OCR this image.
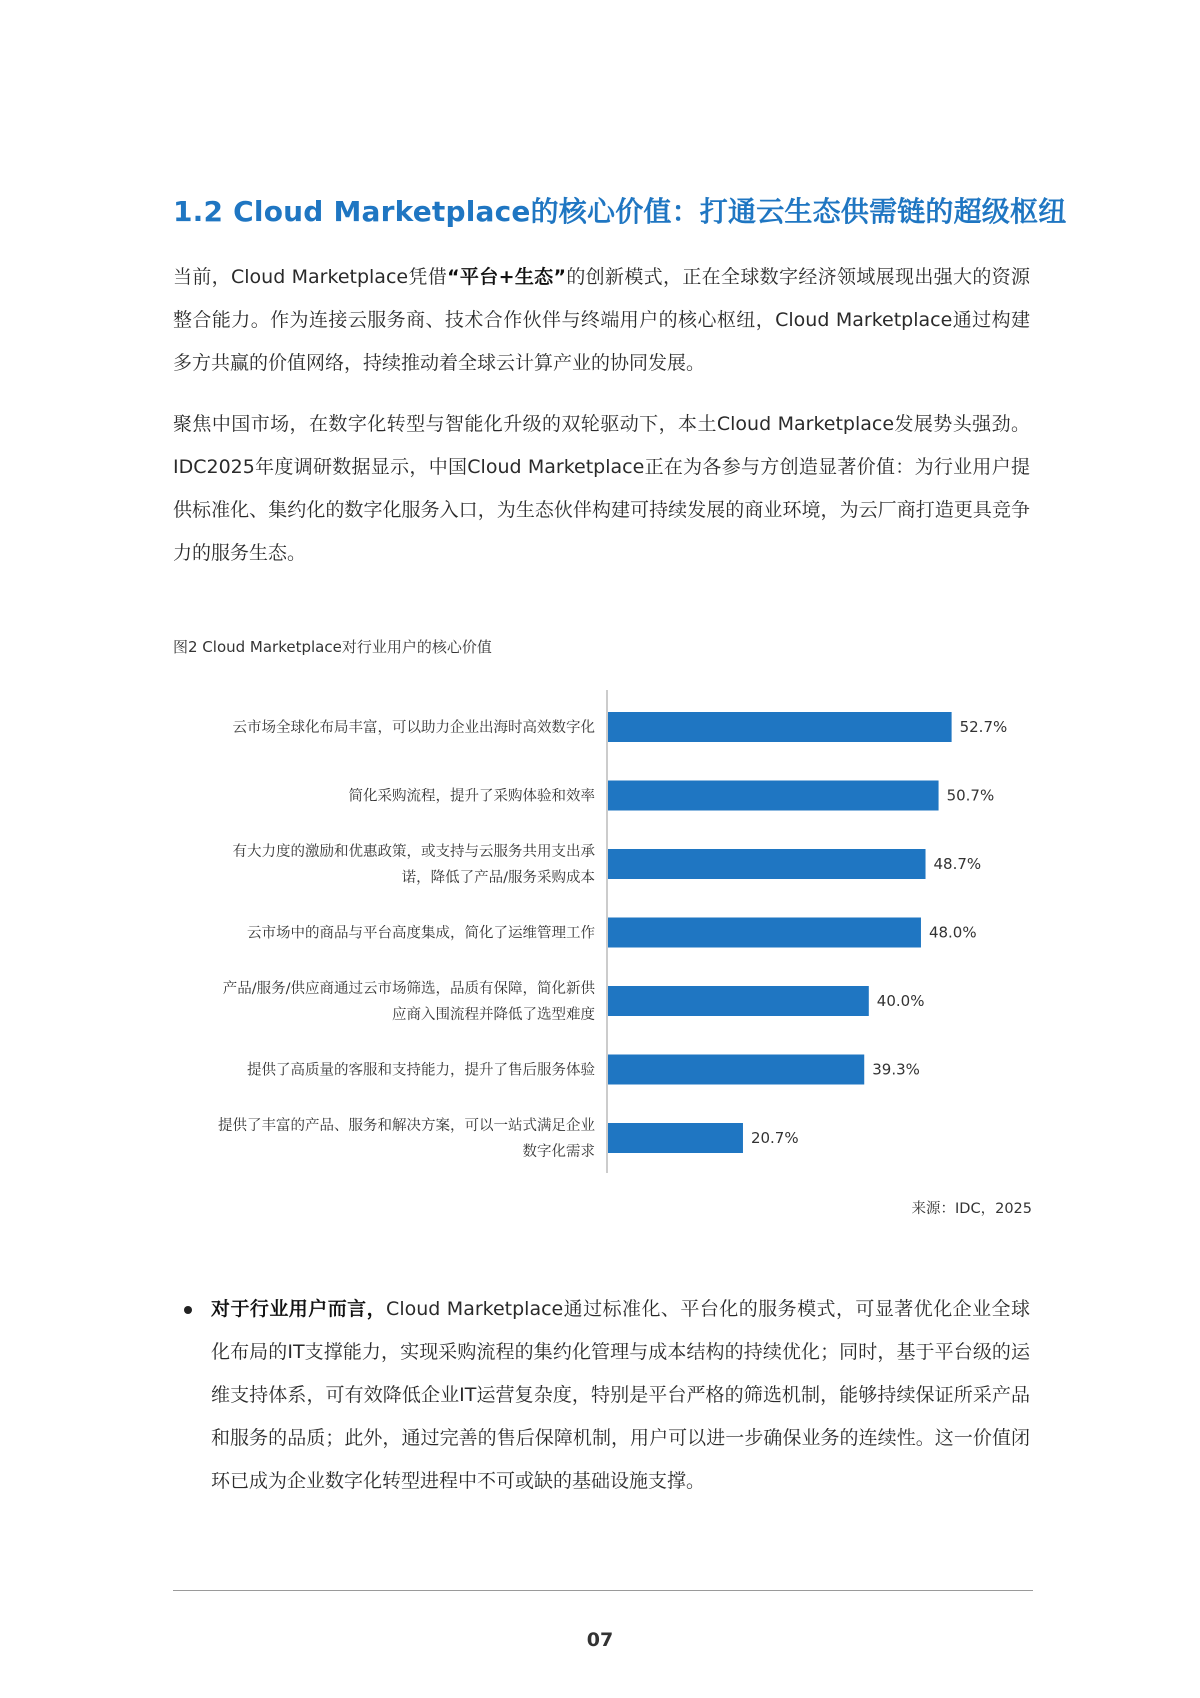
1.2 Cloud Marketplace的核心价值：打通云生态供需链的超级枢纽

当前，Cloud Marketplace凭借“平台+生态”的创新模式，正在全球数字经济领域展现出强大的资源整合能力。作为连接云服务商、技术合作伙伴与终端用户的核心枢纽，Cloud Marketplace通过构建多方共赢的价值网络，持续推动着全球云计算产业的协同发展。

聚焦中国市场，在数字化转型与智能化升级的双轮驱动下，本土Cloud Marketplace发展势头强劲。IDC2025年度调研数据显示，中国Cloud Marketplace正在为各参与方创造显著价值：为行业用户提供标准化、集约化的数字化服务入口，为生态伙伴构建可持续发展的商业环境，为云厂商打造更具竞争力的服务生态。

图2 Cloud Marketplace对行业用户的核心价值
52.7%
云市场全球化布局丰富，可以助力企业出海时高效数字化
50.7%
简化采购流程，提升了采购体验和效率
48.7%
有大力度的激励和优惠政策，或支持与云服务共用支出承
诺，降低了产品/服务采购成本
48.0%
云市场中的商品与平台高度集成，简化了运维管理工作
40.0%
产品/服务/供应商通过云市场筛选，品质有保障，简化新供
应商入围流程并降低了选型难度
39.3%
提供了高质量的客服和支持能力，提升了售后服务体验
20.7%
提供了丰富的产品、服务和解决方案，可以一站式满足企业
数字化需求
来源：IDC，2025

对于行业用户而言，Cloud Marketplace通过标准化、平台化的服务模式，可显著优化企业全球化布局的IT支撑能力，实现采购流程的集约化管理与成本结构的持续优化；同时，基于平台级的运维支持体系，可有效降低企业IT运营复杂度，特别是平台严格的筛选机制，能够持续保证所采产品和服务的品质；此外，通过完善的售后保障机制，用户可以进一步确保业务的连续性。这一价值闭环已成为企业数字化转型进程中不可或缺的基础设施支撑。

07
